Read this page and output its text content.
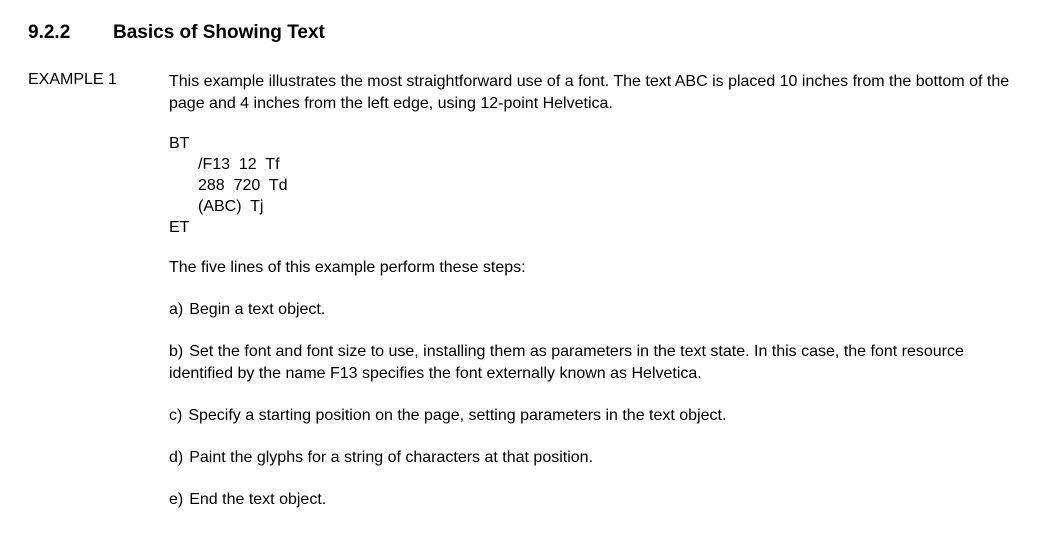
9.2.2 Basics of Showing Text
EXAMPLE 1	This example illustrates the most straightforward use of a font. The text ABC is placed 10 inches from the bottom of the page and 4 inches from the left edge, using 12-point Helvetica.

BT
/F13  12  Tf
288  720  Td
(ABC)  Tj
ET

The five lines of this example perform these steps:

a) Begin a text object.

b) Set the font and font size to use, installing them as parameters in the text state. In this case, the font resource identified by the name F13 specifies the font externally known as Helvetica.

c) Specify a starting position on the page, setting parameters in the text object.

d) Paint the glyphs for a string of characters at that position.

e) End the text object.
